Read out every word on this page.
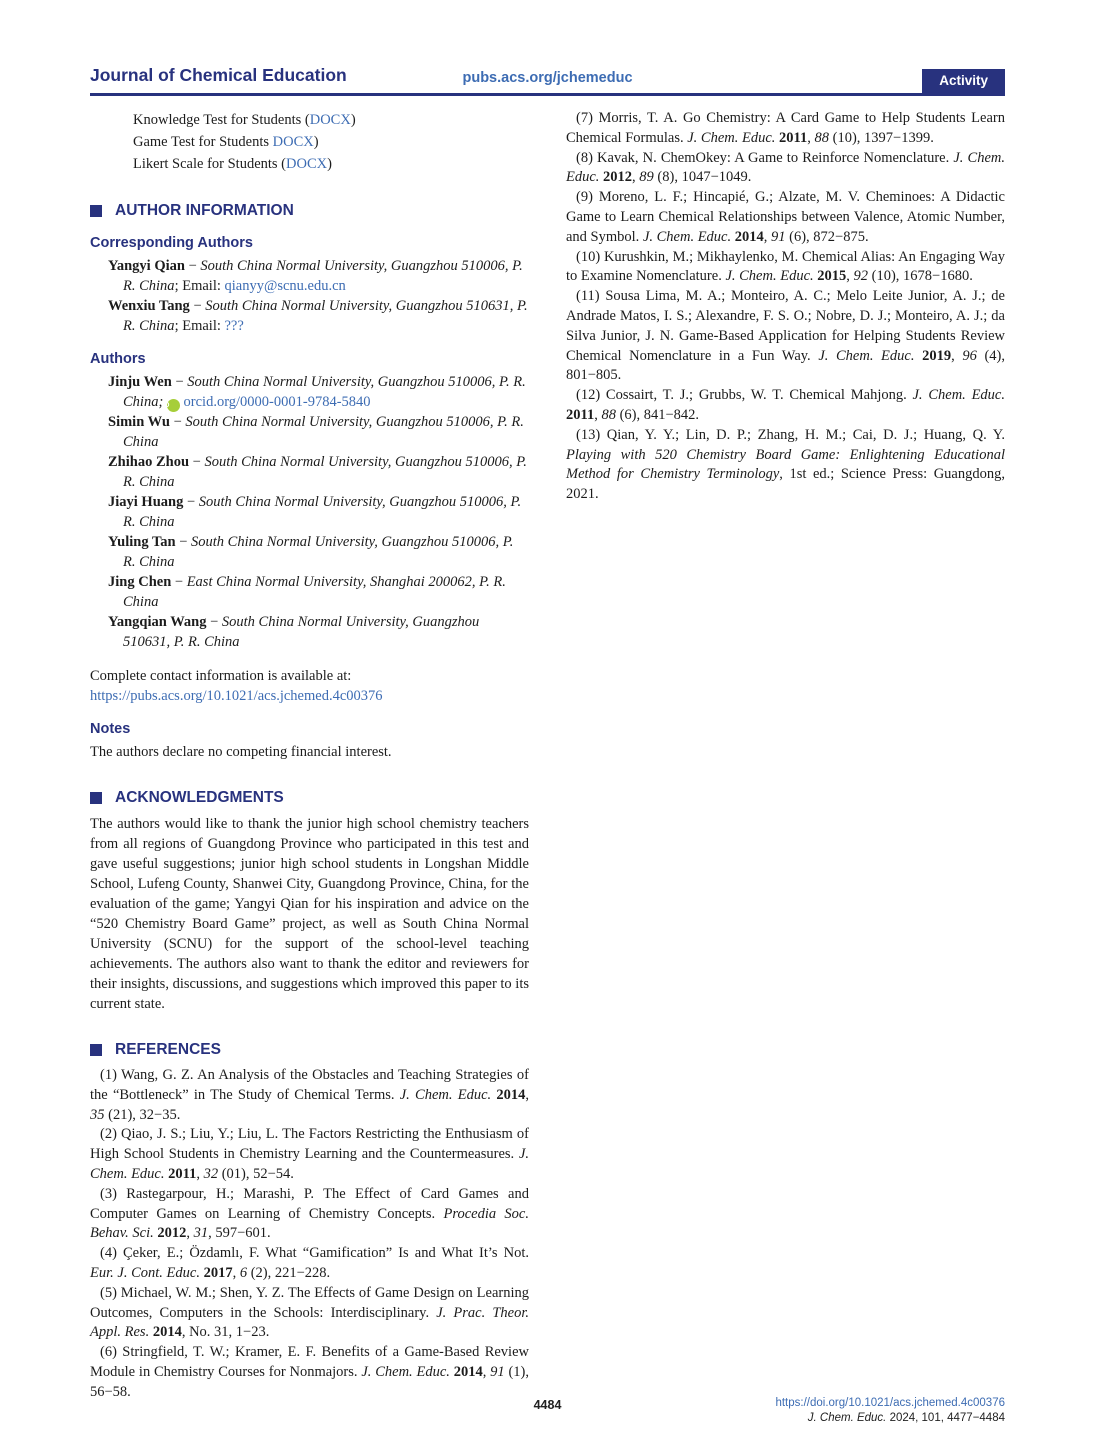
Journal of Chemical Education	pubs.acs.org/jchemeduc	Activity
Knowledge Test for Students (DOCX)
Game Test for Students DOCX)
Likert Scale for Students (DOCX)
AUTHOR INFORMATION
Corresponding Authors
Yangyi Qian − South China Normal University, Guangzhou 510006, P. R. China; Email: qianyy@scnu.edu.cn
Wenxiu Tang − South China Normal University, Guangzhou 510631, P. R. China; Email: ???
Authors
Jinju Wen − South China Normal University, Guangzhou 510006, P. R. China; iD orcid.org/0000-0001-9784-5840
Simin Wu − South China Normal University, Guangzhou 510006, P. R. China
Zhihao Zhou − South China Normal University, Guangzhou 510006, P. R. China
Jiayi Huang − South China Normal University, Guangzhou 510006, P. R. China
Yuling Tan − South China Normal University, Guangzhou 510006, P. R. China
Jing Chen − East China Normal University, Shanghai 200062, P. R. China
Yangqian Wang − South China Normal University, Guangzhou 510631, P. R. China
Complete contact information is available at:
https://pubs.acs.org/10.1021/acs.jchemed.4c00376
Notes
The authors declare no competing financial interest.
ACKNOWLEDGMENTS
The authors would like to thank the junior high school chemistry teachers from all regions of Guangdong Province who participated in this test and gave useful suggestions; junior high school students in Longshan Middle School, Lufeng County, Shanwei City, Guangdong Province, China, for the evaluation of the game; Yangyi Qian for his inspiration and advice on the “520 Chemistry Board Game” project, as well as South China Normal University (SCNU) for the support of the school-level teaching achievements. The authors also want to thank the editor and reviewers for their insights, discussions, and suggestions which improved this paper to its current state.
REFERENCES
(1) Wang, G. Z. An Analysis of the Obstacles and Teaching Strategies of the “Bottleneck” in The Study of Chemical Terms. J. Chem. Educ. 2014, 35 (21), 32−35.
(2) Qiao, J. S.; Liu, Y.; Liu, L. The Factors Restricting the Enthusiasm of High School Students in Chemistry Learning and the Countermeasures. J. Chem. Educ. 2011, 32 (01), 52−54.
(3) Rastegarpour, H.; Marashi, P. The Effect of Card Games and Computer Games on Learning of Chemistry Concepts. Procedia Soc. Behav. Sci. 2012, 31, 597−601.
(4) Çeker, E.; Özdamlı, F. What “Gamification” Is and What It’s Not. Eur. J. Cont. Educ. 2017, 6 (2), 221−228.
(5) Michael, W. M.; Shen, Y. Z. The Effects of Game Design on Learning Outcomes, Computers in the Schools: Interdisciplinary. J. Prac. Theor. Appl. Res. 2014, No. 31, 1−23.
(6) Stringfield, T. W.; Kramer, E. F. Benefits of a Game-Based Review Module in Chemistry Courses for Nonmajors. J. Chem. Educ. 2014, 91 (1), 56−58.
(7) Morris, T. A. Go Chemistry: A Card Game to Help Students Learn Chemical Formulas. J. Chem. Educ. 2011, 88 (10), 1397−1399.
(8) Kavak, N. ChemOkey: A Game to Reinforce Nomenclature. J. Chem. Educ. 2012, 89 (8), 1047−1049.
(9) Moreno, L. F.; Hincapié, G.; Alzate, M. V. Cheminoes: A Didactic Game to Learn Chemical Relationships between Valence, Atomic Number, and Symbol. J. Chem. Educ. 2014, 91 (6), 872−875.
(10) Kurushkin, M.; Mikhaylenko, M. Chemical Alias: An Engaging Way to Examine Nomenclature. J. Chem. Educ. 2015, 92 (10), 1678−1680.
(11) Sousa Lima, M. A.; Monteiro, A. C.; Melo Leite Junior, A. J.; de Andrade Matos, I. S.; Alexandre, F. S. O.; Nobre, D. J.; Monteiro, A. J.; da Silva Junior, J. N. Game-Based Application for Helping Students Review Chemical Nomenclature in a Fun Way. J. Chem. Educ. 2019, 96 (4), 801−805.
(12) Cossairt, T. J.; Grubbs, W. T. Chemical Mahjong. J. Chem. Educ. 2011, 88 (6), 841−842.
(13) Qian, Y. Y.; Lin, D. P.; Zhang, H. M.; Cai, D. J.; Huang, Q. Y. Playing with 520 Chemistry Board Game: Enlightening Educational Method for Chemistry Terminology, 1st ed.; Science Press: Guangdong, 2021.
4484	https://doi.org/10.1021/acs.jchemed.4c00376
J. Chem. Educ. 2024, 101, 4477−4484
